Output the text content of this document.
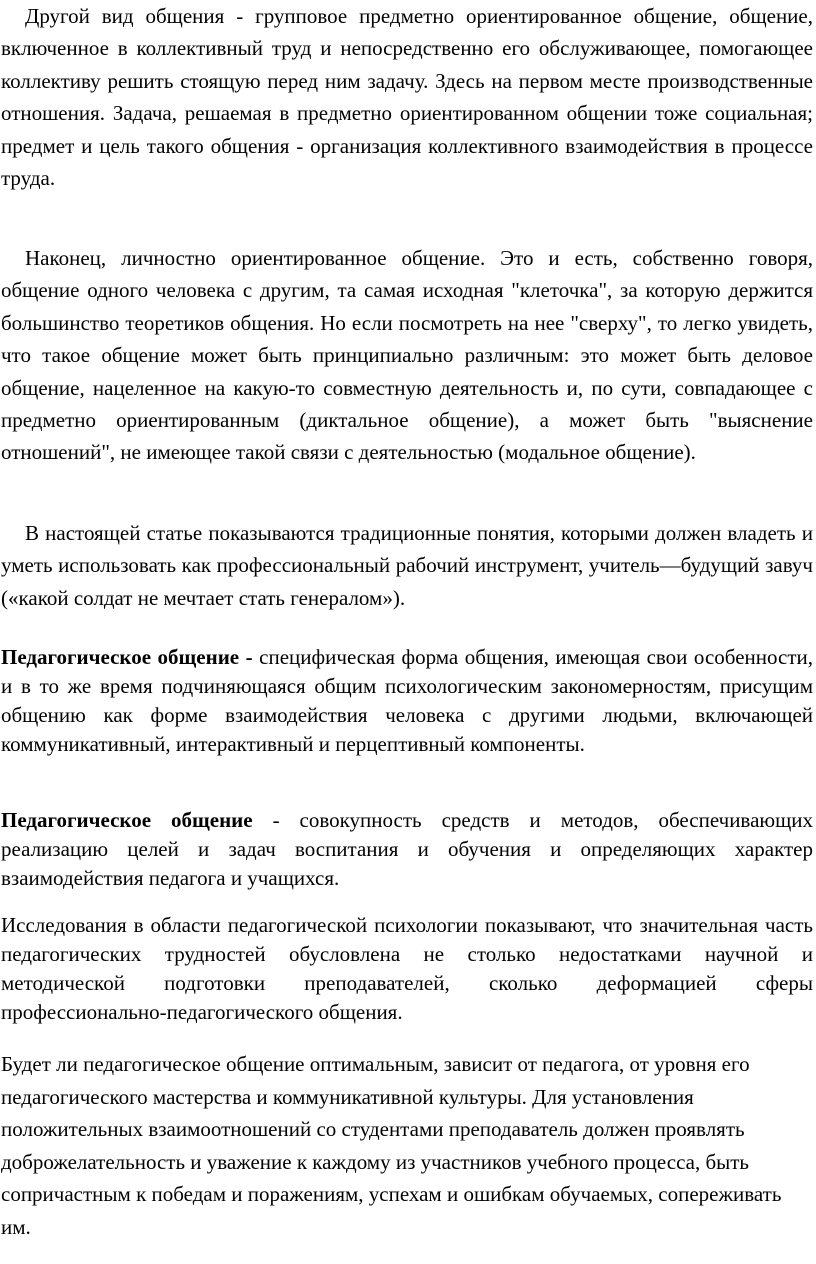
Другой вид общения - групповое предметно ориентированное общение, общение, включенное в коллективный труд и непосредственно его обслуживающее, помогающее коллективу решить стоящую перед ним задачу. Здесь на первом месте производственные отношения. Задача, решаемая в предметно ориентированном общении тоже социальная; предмет и цель такого общения - организация коллективного взаимодействия в процессе труда.

Наконец, личностно ориентированное общение. Это и есть, собственно говоря, общение одного человека с другим, та самая исходная "клеточка", за которую держится большинство теоретиков общения. Но если посмотреть на нее "сверху", то легко увидеть, что такое общение может быть принципиально различным: это может быть деловое общение, нацеленное на какую-то совместную деятельность и, по сути, совпадающее с предметно ориентированным (диктальное общение), а может быть "выяснение отношений", не имеющее такой связи с деятельностью (модальное общение).

В настоящей статье показываются традиционные понятия, которыми должен владеть и уметь использовать как профессиональный рабочий инструмент, учитель—будущий завуч («какой солдат не мечтает стать генералом»).

Педагогическое общение - специфическая форма общения, имеющая свои особенности, и в то же время подчиняющаяся общим психологическим закономерностям, присущим общению как форме взаимодействия человека с другими людьми, включающей коммуникативный, интерактивный и перцептивный компоненты.

Педагогическое общение - совокупность средств и методов, обеспечивающих реализацию целей и задач воспитания и обучения и определяющих характер взаимодействия педагога и учащихся.

Исследования в области педагогической психологии показывают, что значительная часть педагогических трудностей обусловлена не столько недостатками научной и методической подготовки преподавателей, сколько деформацией сферы профессионально-педагогического общения.

Будет ли педагогическое общение оптимальным, зависит от педагога, от уровня его педагогического мастерства и коммуникативной культуры. Для установления положительных взаимоотношений со студентами преподаватель должен проявлять доброжелательность и уважение к каждому из участников учебного процесса, быть сопричастным к победам и поражениям, успехам и ошибкам обучаемых, сопереживать им.
